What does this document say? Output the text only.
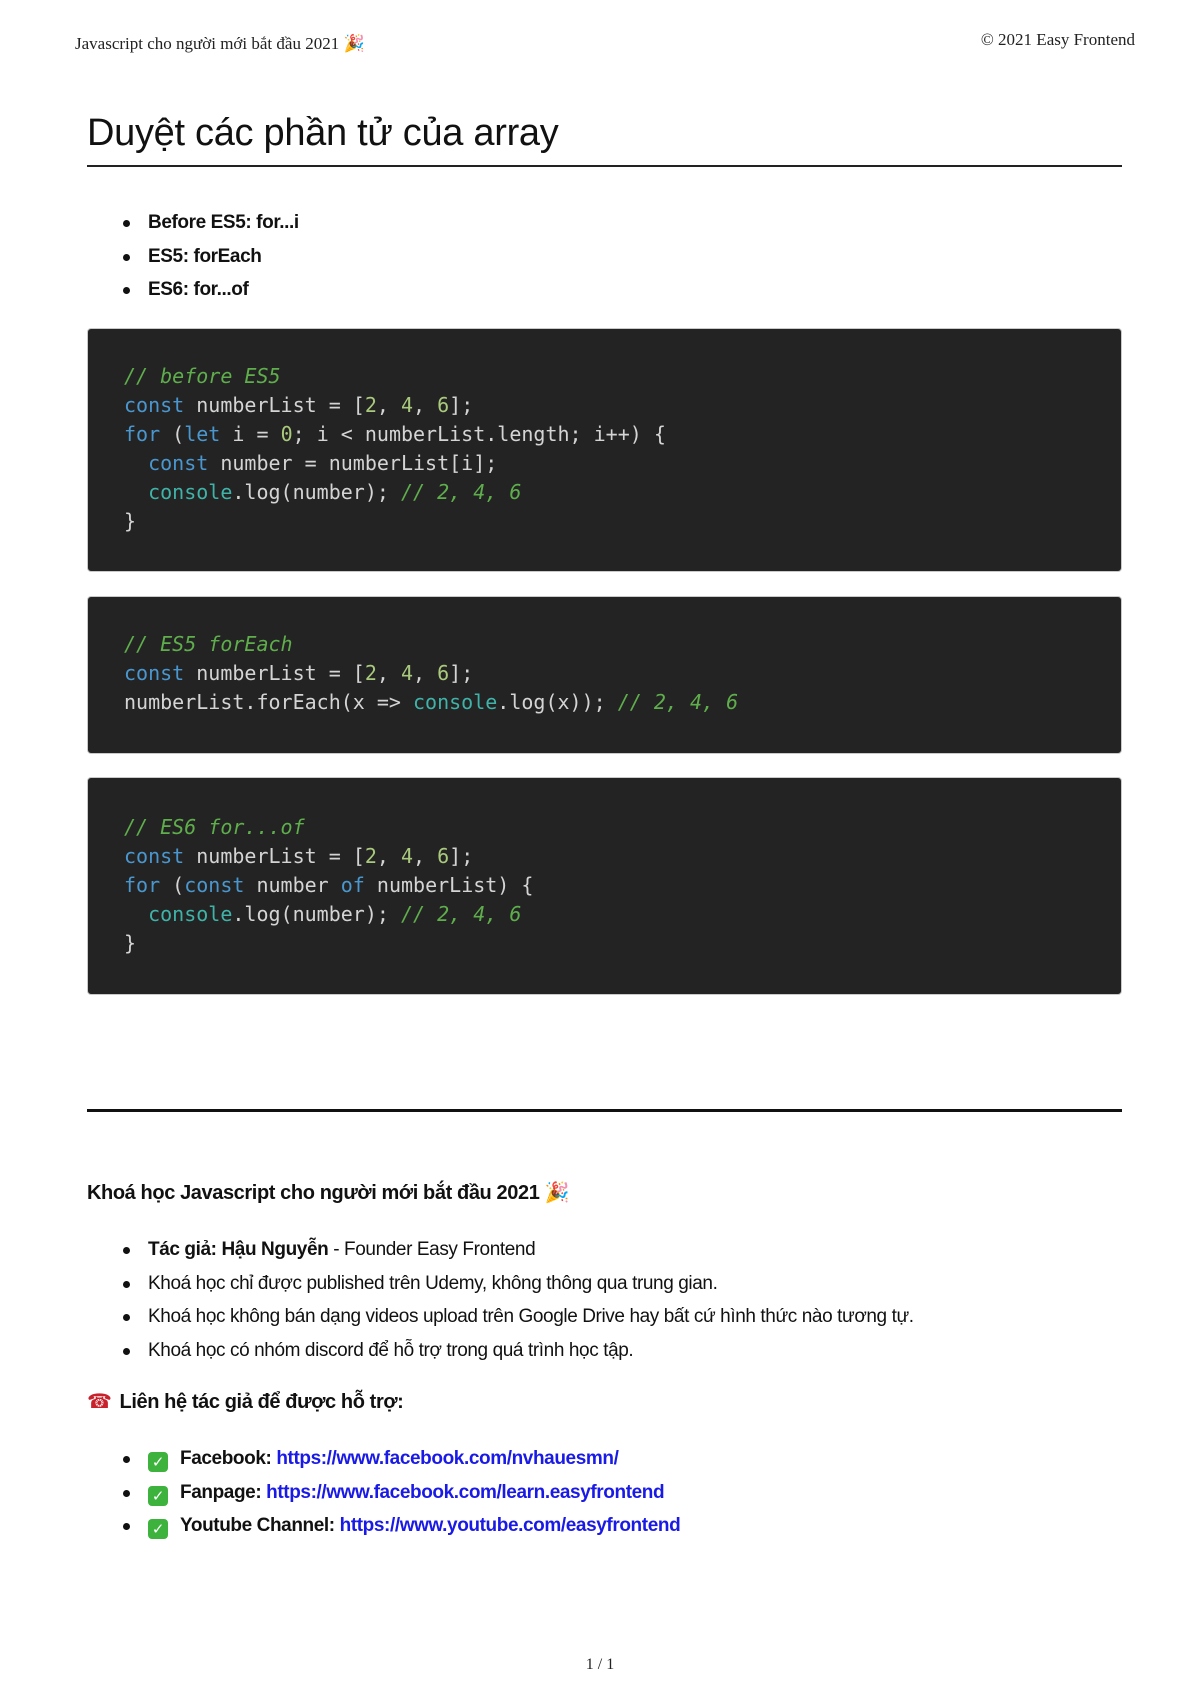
Javascript cho người mới bắt đầu 2021 🎉	© 2021 Easy Frontend
Duyệt các phần tử của array
Before ES5: for...i
ES5: forEach
ES6: for...of
// before ES5
const numberList = [2, 4, 6];
for (let i = 0; i < numberList.length; i++) {
const number = numberList[i];
console.log(number); // 2, 4, 6
}
// ES5 forEach
const numberList = [2, 4, 6];
numberList.forEach(x => console.log(x)); // 2, 4, 6
// ES6 for...of
const numberList = [2, 4, 6];
for (const number of numberList) {
console.log(number); // 2, 4, 6
}
Khoá học Javascript cho người mới bắt đầu 2021 🎉
Tác giả: Hậu Nguyễn - Founder Easy Frontend
Khoá học chỉ được published trên Udemy, không thông qua trung gian.
Khoá học không bán dạng videos upload trên Google Drive hay bất cứ hình thức nào tương tự.
Khoá học có nhóm discord để hỗ trợ trong quá trình học tập.
☎ Liên hệ tác giả để được hỗ trợ:
✓ Facebook: https://www.facebook.com/nvhauesmn/
✓ Fanpage: https://www.facebook.com/learn.easyfrontend
✓ Youtube Channel: https://www.youtube.com/easyfrontend
1 / 1
